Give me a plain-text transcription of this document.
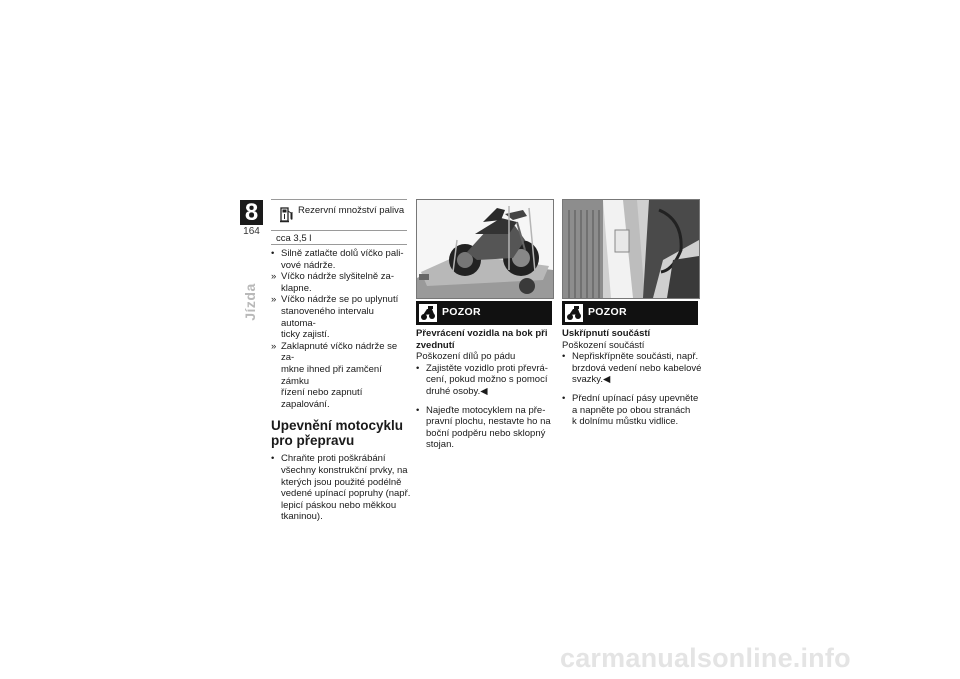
8
164
Jízda
Rezervní množství paliva
cca 3,5 l
• Silně zatlačte dolů víčko pali-
vové nádrže.
» Víčko nádrže slyšitelně za-
klapne.
» Víčko nádrže se po uplynutí
stanoveného intervalu automa-
ticky zajistí.
» Zaklapnuté víčko nádrže se za-
mkne ihned při zamčení zámku
řízení nebo zapnutí zapalování.
Upevnění motocyklu
pro přepravu
• Chraňte proti poškrábání
všechny konstrukční prvky, na
kterých jsou použité podélně
vedené upínací popruhy (např.
lepicí páskou nebo měkkou
tkaninou).
POZOR	POZOR

Převrácení vozidla na bok při
zvednutí

Poškození dílů po pádu

• Zajistěte vozidlo proti převrá-
cení, pokud možno s pomocí
druhé osoby.◀
• Najeďte motocyklem na pře-
pravní plochu, nestavte ho na
boční podpěru nebo sklopný
stojan.

Uskřípnutí součástí

Poškození součástí

• Nepřiskřípněte součásti, např.
brzdová vedení nebo kabelové
svazky.◀
• Přední upínací pásy upevněte
a napněte po obou stranách
k dolnímu můstku vidlice.
carmanualsonline.info
